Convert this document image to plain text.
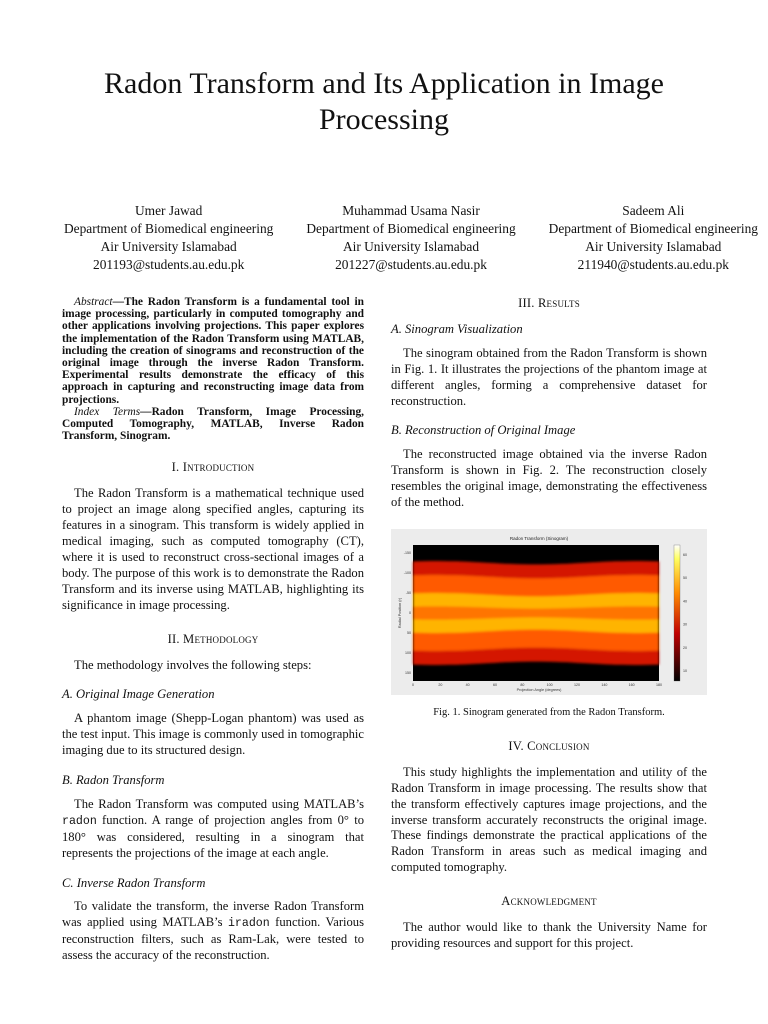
Radon Transform and Its Application in Image Processing
Umer Jawad
Department of Biomedical engineering
Air University Islamabad
201193@students.au.edu.pk
Muhammad Usama Nasir
Department of Biomedical engineering
Air University Islamabad
201227@students.au.edu.pk
Sadeem Ali
Department of Biomedical engineering
Air University Islamabad
211940@students.au.edu.pk

Abstract—The Radon Transform is a fundamental tool in image processing, particularly in computed tomography and other applications involving projections. This paper explores the implementation of the Radon Transform using MATLAB, including the creation of sinograms and reconstruction of the original image through the inverse Radon Transform. Experimental results demonstrate the efficacy of this approach in capturing and reconstructing image data from projections.

Index Terms—Radon Transform, Image Processing, Computed Tomography, MATLAB, Inverse Radon Transform, Sinogram.

I. Introduction

The Radon Transform is a mathematical technique used to project an image along specified angles, capturing its features in a sinogram. This transform is widely applied in medical imaging, such as computed tomography (CT), where it is used to reconstruct cross-sectional images of a body. The purpose of this work is to demonstrate the Radon Transform and its inverse using MATLAB, highlighting its significance in image processing.

II. Methodology

The methodology involves the following steps:

A. Original Image Generation

A phantom image (Shepp-Logan phantom) was used as the test input. This image is commonly used in tomographic imaging due to its structured design.

B. Radon Transform

The Radon Transform was computed using MATLAB’s radon function. A range of projection angles from 0° to 180° was considered, resulting in a sinogram that represents the projections of the image at each angle.

C. Inverse Radon Transform

To validate the transform, the inverse Radon Transform was applied using MATLAB’s iradon function. Various reconstruction filters, such as Ram-Lak, were tested to assess the accuracy of the reconstruction.

III. Results
A. Sinogram Visualization

The sinogram obtained from the Radon Transform is shown in Fig. 1. It illustrates the projections of the phantom image at different angles, forming a comprehensive dataset for reconstruction.

B. Reconstruction of Original Image

The reconstructed image obtained via the inverse Radon Transform is shown in Fig. 2. The reconstruction closely resembles the original image, demonstrating the effectiveness of the method.

Radon Transform (Sinogram)
0	20	40	60	80	100	120	140	160	180
-150
-100
-50
0
50
100
150
60
50
40
30
20
10
Projection Angle (degrees)
Radial Position (r)

Fig. 1. Sinogram generated from the Radon Transform.

IV. Conclusion

This study highlights the implementation and utility of the Radon Transform in image processing. The results show that the transform effectively captures image projections, and the inverse transform accurately reconstructs the original image. These findings demonstrate the practical applications of the Radon Transform in areas such as medical imaging and computed tomography.

Acknowledgment

The author would like to thank the University Name for providing resources and support for this project.
